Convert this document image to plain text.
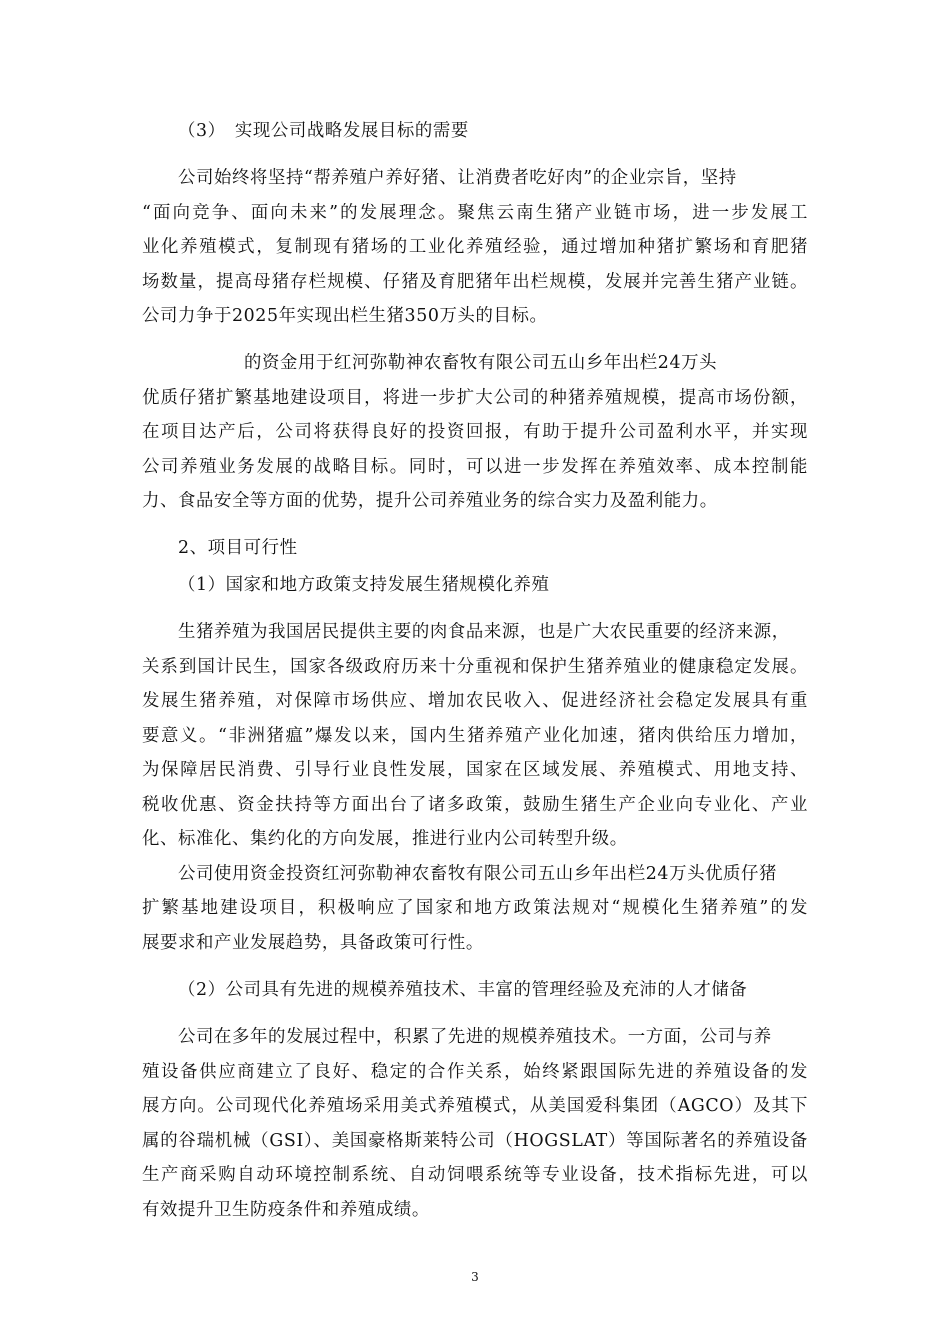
（3）　实现公司战略发展目标的需要
公司始终将坚持“帮养殖户养好猪、让消费者吃好肉”的企业宗旨，坚持
“面向竞争、面向未来”的发展理念。聚焦云南生猪产业链市场，进一步发展工
业化养殖模式，复制现有猪场的工业化养殖经验，通过增加种猪扩繁场和育肥猪
场数量，提高母猪存栏规模、仔猪及育肥猪年出栏规模，发展并完善生猪产业链。
公司力争于2025年实现出栏生猪350万头的目标。
的资金用于红河弥勒神农畜牧有限公司五山乡年出栏24万头
优质仔猪扩繁基地建设项目，将进一步扩大公司的种猪养殖规模，提高市场份额，
在项目达产后，公司将获得良好的投资回报，有助于提升公司盈利水平，并实现
公司养殖业务发展的战略目标。同时，可以进一步发挥在养殖效率、成本控制能
力、食品安全等方面的优势，提升公司养殖业务的综合实力及盈利能力。
2、项目可行性
（1）国家和地方政策支持发展生猪规模化养殖
生猪养殖为我国居民提供主要的肉食品来源，也是广大农民重要的经济来源，
关系到国计民生，国家各级政府历来十分重视和保护生猪养殖业的健康稳定发展。
发展生猪养殖，对保障市场供应、增加农民收入、促进经济社会稳定发展具有重
要意义。“非洲猪瘟”爆发以来，国内生猪养殖产业化加速，猪肉供给压力增加，
为保障居民消费、引导行业良性发展，国家在区域发展、养殖模式、用地支持、
税收优惠、资金扶持等方面出台了诸多政策，鼓励生猪生产企业向专业化、产业
化、标准化、集约化的方向发展，推进行业内公司转型升级。
公司使用资金投资红河弥勒神农畜牧有限公司五山乡年出栏24万头优质仔猪
扩繁基地建设项目，积极响应了国家和地方政策法规对“规模化生猪养殖”的发
展要求和产业发展趋势，具备政策可行性。
（2）公司具有先进的规模养殖技术、丰富的管理经验及充沛的人才储备
公司在多年的发展过程中，积累了先进的规模养殖技术。一方面，公司与养
殖设备供应商建立了良好、稳定的合作关系，始终紧跟国际先进的养殖设备的发
展方向。公司现代化养殖场采用美式养殖模式，从美国爱科集团（AGCO）及其下
属的谷瑞机械（GSI）、美国豪格斯莱特公司（HOGSLAT）等国际著名的养殖设备
生产商采购自动环境控制系统、自动饲喂系统等专业设备，技术指标先进，可以
有效提升卫生防疫条件和养殖成绩。
3
